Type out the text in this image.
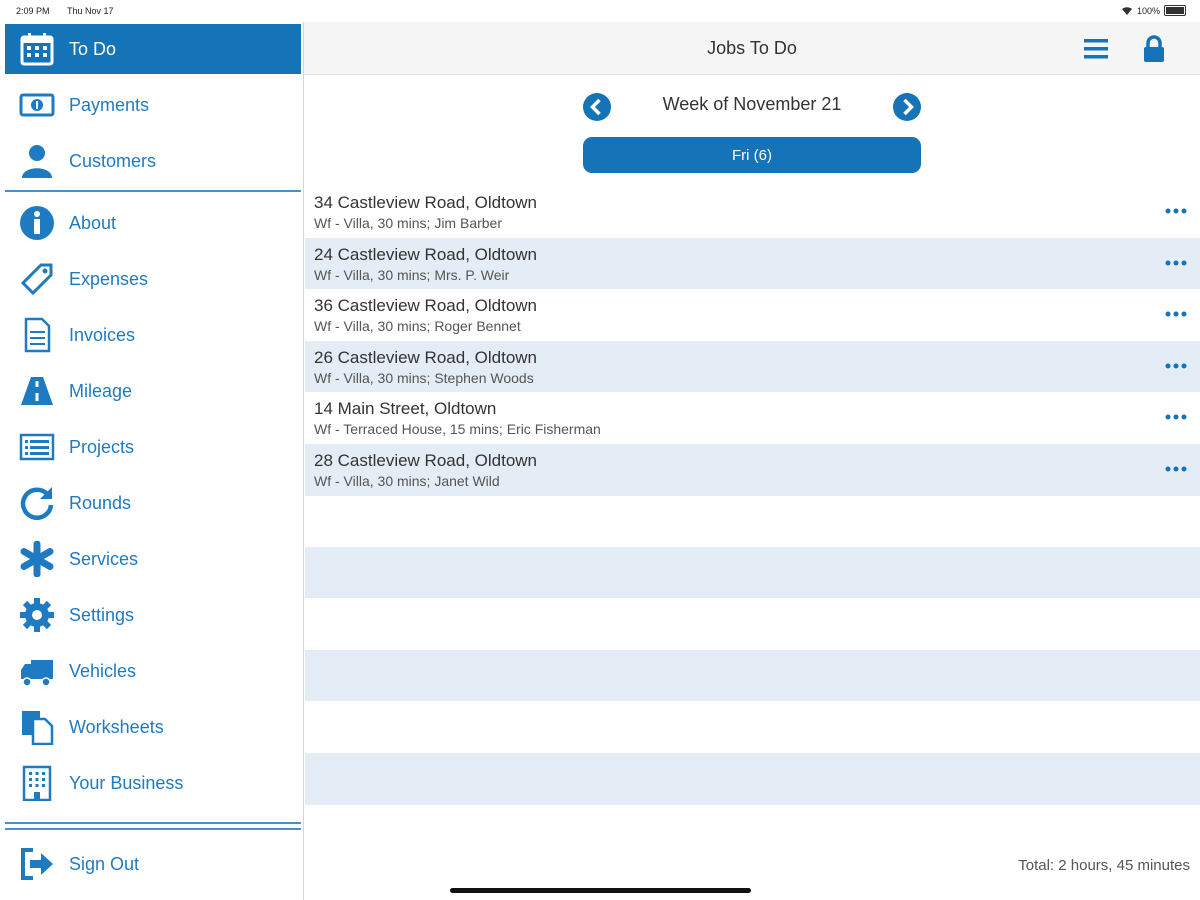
2:09 PM Thu Nov 17	100%
To Do
Payments
Customers
About
Expenses
Invoices
Mileage
Projects
Rounds
Services
Settings
Vehicles
Worksheets
Your Business
Sign Out
Jobs To Do
Week of November 21
Fri (6)
34 Castleview Road, Oldtown
Wf - Villa, 30 mins; Jim Barber
24 Castleview Road, Oldtown
Wf - Villa, 30 mins; Mrs. P. Weir
36 Castleview Road, Oldtown
Wf - Villa, 30 mins; Roger Bennet
26 Castleview Road, Oldtown
Wf - Villa, 30 mins; Stephen Woods
14 Main Street, Oldtown
Wf - Terraced House, 15 mins; Eric Fisherman
28 Castleview Road, Oldtown
Wf - Villa, 30 mins; Janet Wild
Total: 2 hours, 45 minutes
